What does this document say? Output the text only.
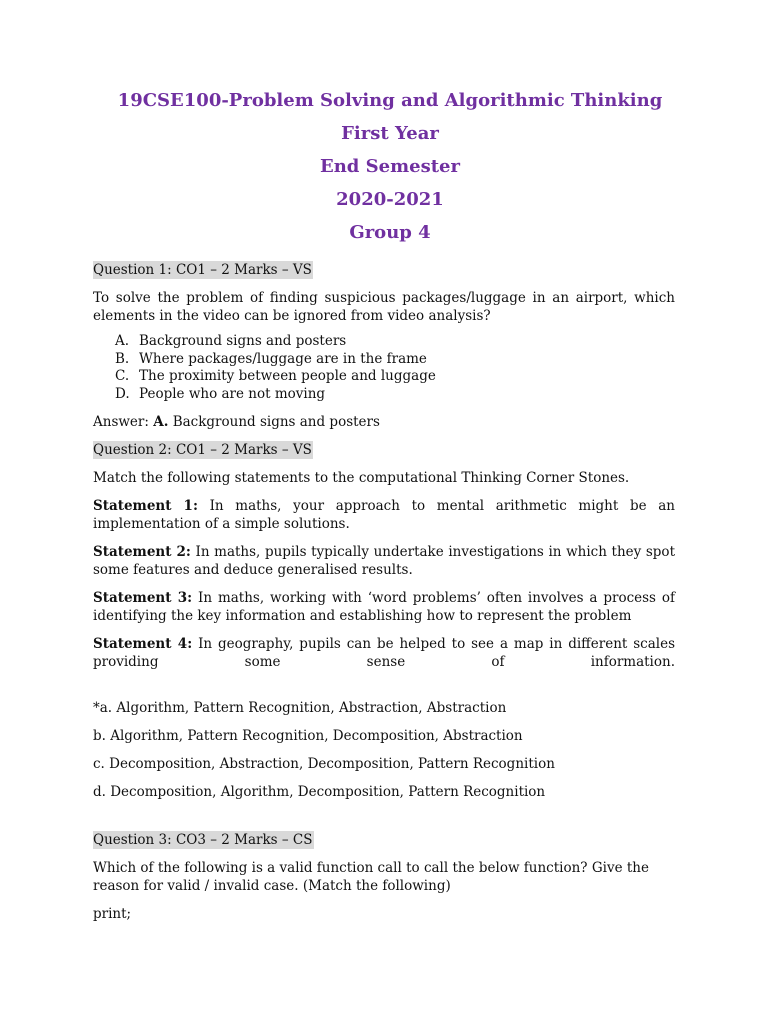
19CSE100-Problem Solving and Algorithmic Thinking

First Year

End Semester

2020-2021

Group 4

Question 1: CO1 – 2 Marks – VS

To solve the problem of finding suspicious packages/luggage in an airport, which elements in the video can be ignored from video analysis?

A. Background signs and posters
B. Where packages/luggage are in the frame
C. The proximity between people and luggage
D. People who are not moving

Answer: A. Background signs and posters

Question 2: CO1 – 2 Marks – VS

Match the following statements to the computational Thinking Corner Stones.

Statement 1: In maths, your approach to mental arithmetic might be an implementation of a simple solutions.

Statement 2: In maths, pupils typically undertake investigations in which they spot some features and deduce generalised results.

Statement 3: In maths, working with ‘word problems’ often involves a process of identifying the key information and establishing how to represent the problem

Statement 4: In geography, pupils can be helped to see a map in different scales providing some sense of information.

*a. Algorithm, Pattern Recognition, Abstraction, Abstraction

b. Algorithm, Pattern Recognition, Decomposition, Abstraction

c. Decomposition, Abstraction, Decomposition, Pattern Recognition

d. Decomposition, Algorithm, Decomposition, Pattern Recognition

Question 3: CO3 – 2 Marks – CS

Which of the following is a valid function call to call the below function? Give the reason for valid / invalid case. (Match the following)

print;
